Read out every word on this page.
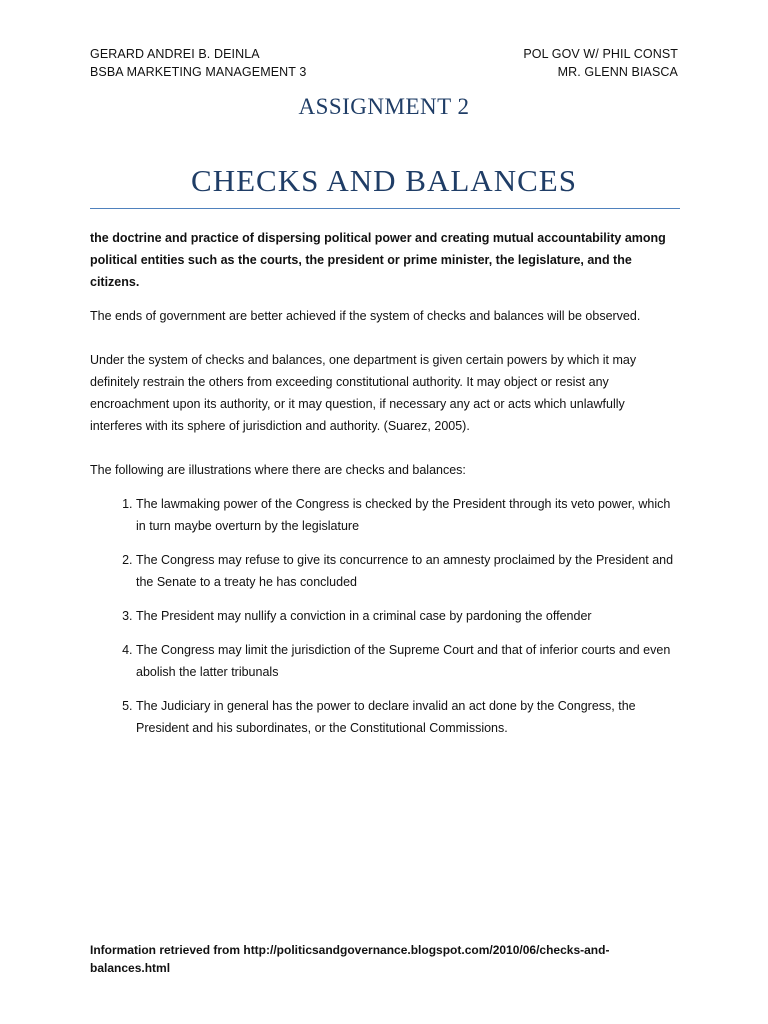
GERARD ANDREI B. DEINLA	POL GOV W/ PHIL CONST
BSBA MARKETING MANAGEMENT 3	MR. GLENN BIASCA
ASSIGNMENT 2
CHECKS AND BALANCES

the doctrine and practice of dispersing political power and creating mutual accountability among political entities such as the courts, the president or prime minister, the legislature, and the citizens.

The ends of government are better achieved if the system of checks and balances will be observed.

Under the system of checks and balances, one department is given certain powers by which it may definitely restrain the others from exceeding constitutional authority. It may object or resist any encroachment upon its authority, or it may question, if necessary any act or acts which unlawfully interferes with its sphere of jurisdiction and authority. (Suarez, 2005).

The following are illustrations where there are checks and balances:

1. The lawmaking power of the Congress is checked by the President through its veto power, which in turn maybe overturn by the legislature
2. The Congress may refuse to give its concurrence to an amnesty proclaimed by the President and the Senate to a treaty he has concluded
3. The President may nullify a conviction in a criminal case by pardoning the offender
4. The Congress may limit the jurisdiction of the Supreme Court and that of inferior courts and even abolish the latter tribunals
5. The Judiciary in general has the power to declare invalid an act done by the Congress, the President and his subordinates, or the Constitutional Commissions.
Information retrieved from http://politicsandgovernance.blogspot.com/2010/06/checks-and-balances.html
